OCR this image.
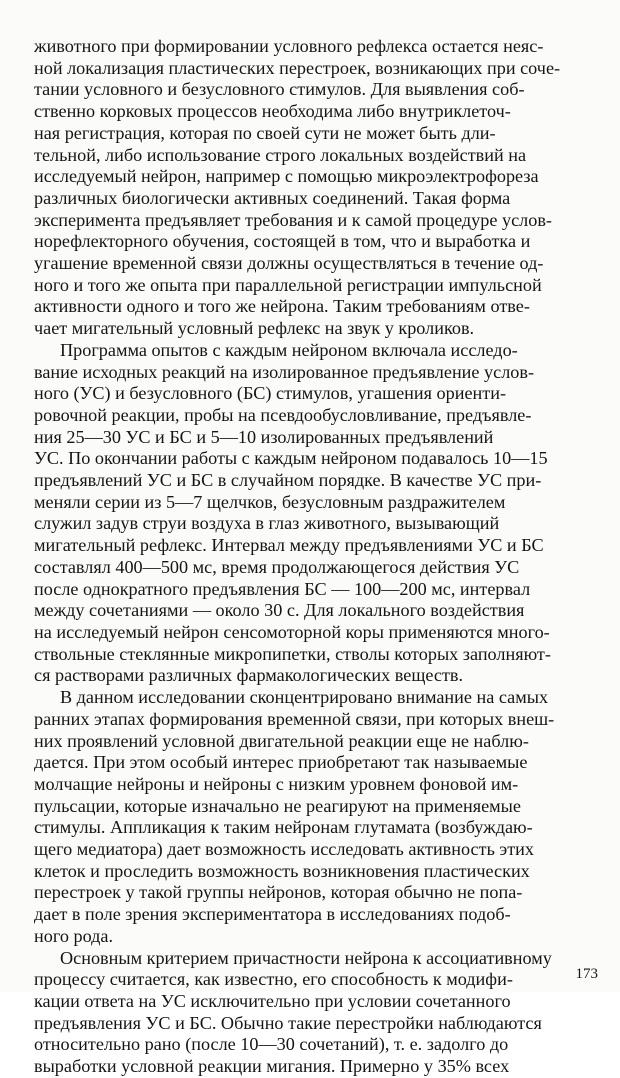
животного при формировании условного рефлекса остается неяс-
ной локализация пластических перестроек, возникающих при соче-
тании условного и безусловного стимулов. Для выявления соб-
ственно корковых процессов необходима либо внутриклеточ-
ная регистрация, которая по своей сути не может быть дли-
тельной, либо использование строго локальных воздействий на
исследуемый нейрон, например с помощью микроэлектрофореза
различных биологически активных соединений. Такая форма
эксперимента предъявляет требования и к самой процедуре услов-
норефлекторного обучения, состоящей в том, что и выработка и
угашение временной связи должны осуществляться в течение од-
ного и того же опыта при параллельной регистрации импульсной
активности одного и того же нейрона. Таким требованиям отве-
чает мигательный условный рефлекс на звук у кроликов.
Программа опытов с каждым нейроном включала исследо-
вание исходных реакций на изолированное предъявление услов-
ного (УС) и безусловного (БС) стимулов, угашения ориенти-
ровочной реакции, пробы на псевдообусловливание, предъявле-
ния 25—30 УС и БС и 5—10 изолированных предъявлений
УС. По окончании работы с каждым нейроном подавалось 10—15
предъявлений УС и БС в случайном порядке. В качестве УС при-
меняли серии из 5—7 щелчков, безусловным раздражителем
служил задув струи воздуха в глаз животного, вызывающий
мигательный рефлекс. Интервал между предъявлениями УС и БС
составлял 400—500 мс, время продолжающегося действия УС
после однократного предъявления БС — 100—200 мс, интервал
между сочетаниями — около 30 с. Для локального воздействия
на исследуемый нейрон сенсомоторной коры применяются много-
ствольные стеклянные микропипетки, стволы которых заполняют-
ся растворами различных фармакологических веществ.
В данном исследовании сконцентрировано внимание на самых
ранних этапах формирования временной связи, при которых внеш-
них проявлений условной двигательной реакции еще не наблю-
дается. При этом особый интерес приобретают так называемые
молчащие нейроны и нейроны с низким уровнем фоновой им-
пульсации, которые изначально не реагируют на применяемые
стимулы. Аппликация к таким нейронам глутамата (возбуждаю-
щего медиатора) дает возможность исследовать активность этих
клеток и проследить возможность возникновения пластических
перестроек у такой группы нейронов, которая обычно не попа-
дает в поле зрения экспериментатора в исследованиях подоб-
ного рода.
Основным критерием причастности нейрона к ассоциативному
процессу считается, как известно, его способность к модифи-
кации ответа на УС исключительно при условии сочетанного
предъявления УС и БС. Обычно такие перестройки наблюдаются
относительно рано (после 10—30 сочетаний), т. е. задолго до
выработки условной реакции мигания. Примерно у 35% всех
173
